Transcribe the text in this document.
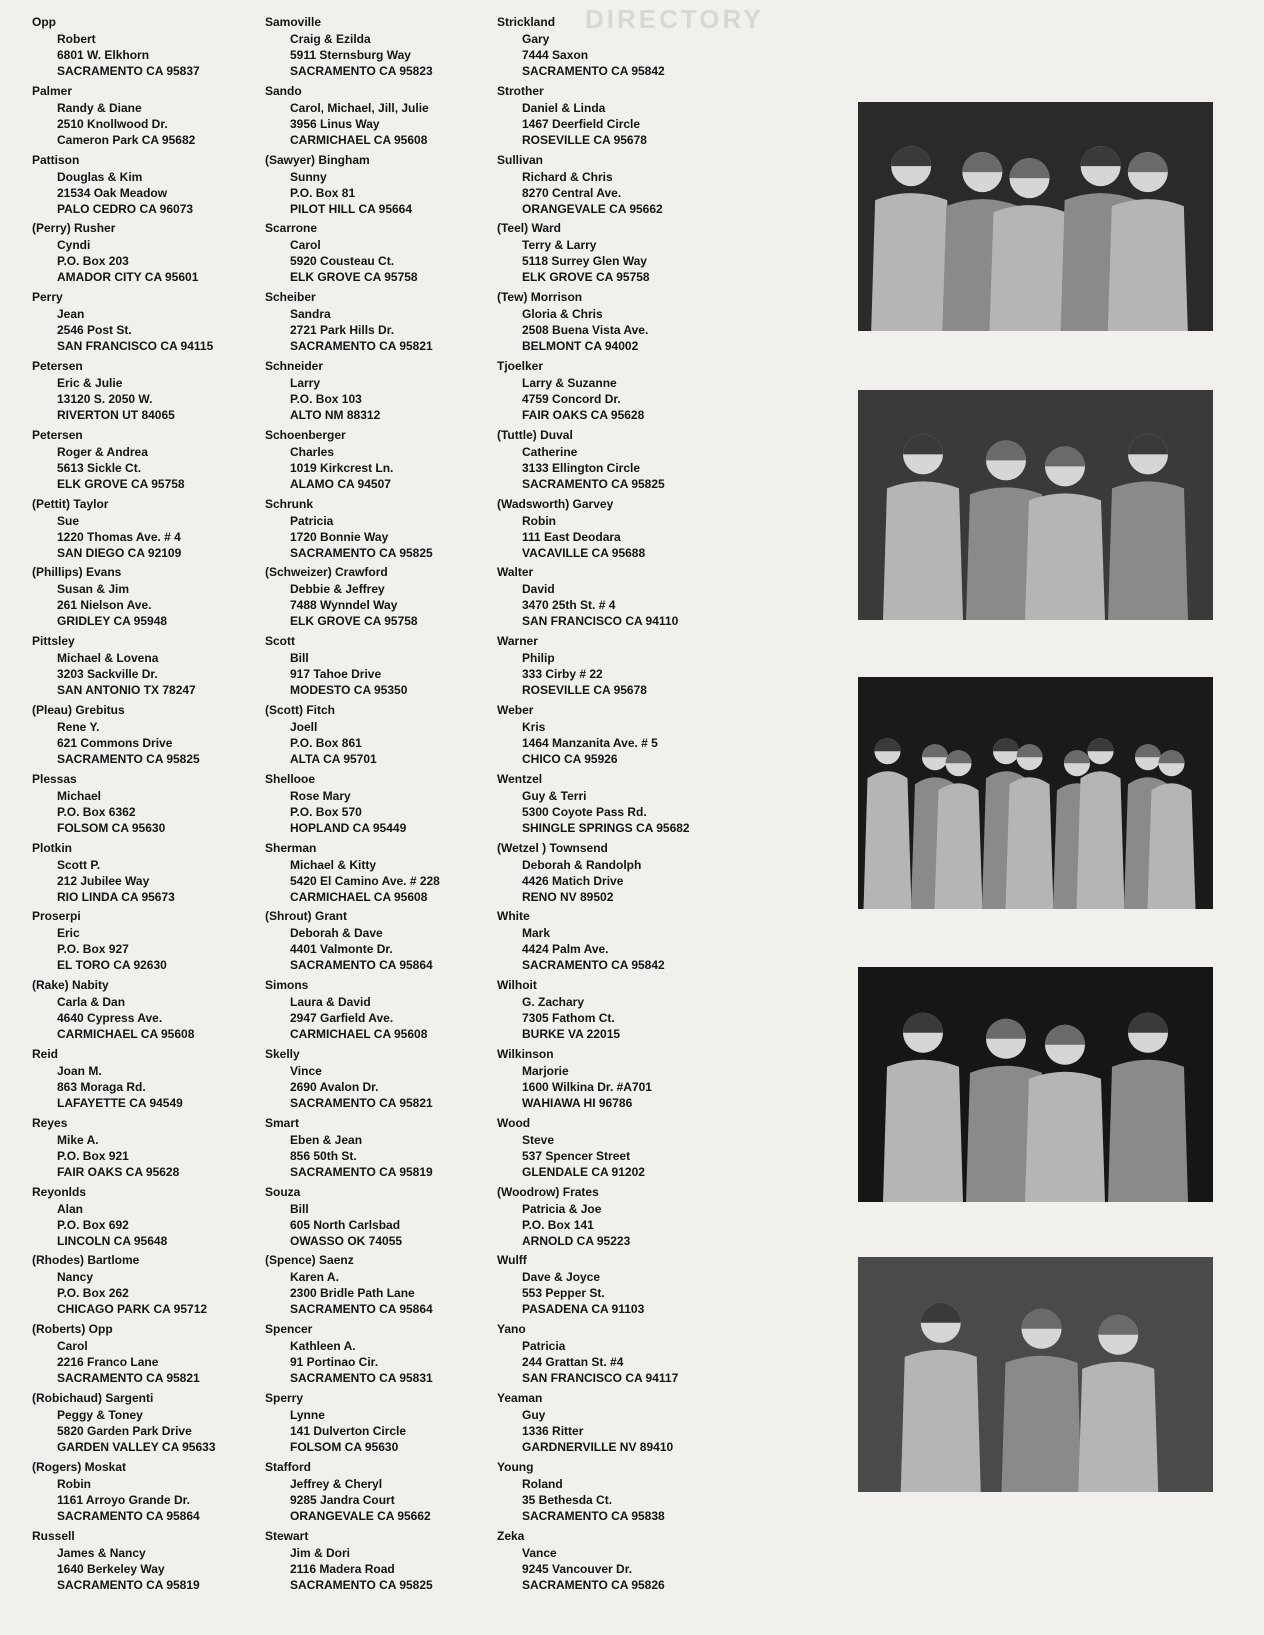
DIRECTORY
Opp
Robert
6801 W. Elkhorn
SACRAMENTO CA 95837
Palmer
Randy & Diane
2510 Knollwood Dr.
Cameron Park CA 95682
Pattison
Douglas & Kim
21534 Oak Meadow
PALO CEDRO CA 96073
(Perry) Rusher
Cyndi
P.O. Box 203
AMADOR CITY CA 95601
Perry
Jean
2546 Post St.
SAN FRANCISCO CA 94115
Petersen
Eric & Julie
13120 S. 2050 W.
RIVERTON UT 84065
Petersen
Roger & Andrea
5613 Sickle Ct.
ELK GROVE CA 95758
(Pettit) Taylor
Sue
1220 Thomas Ave. # 4
SAN DIEGO CA 92109
(Phillips) Evans
Susan & Jim
261 Nielson Ave.
GRIDLEY CA 95948
Pittsley
Michael & Lovena
3203 Sackville Dr.
SAN ANTONIO TX 78247
(Pleau) Grebitus
Rene Y.
621 Commons Drive
SACRAMENTO CA 95825
Plessas
Michael
P.O. Box 6362
FOLSOM CA 95630
Plotkin
Scott P.
212 Jubilee Way
RIO LINDA CA 95673
Proserpi
Eric
P.O. Box 927
EL TORO CA 92630
(Rake) Nabity
Carla & Dan
4640 Cypress Ave.
CARMICHAEL CA 95608
Reid
Joan M.
863 Moraga Rd.
LAFAYETTE CA 94549
Reyes
Mike A.
P.O. Box 921
FAIR OAKS CA 95628
Reyonlds
Alan
P.O. Box 692
LINCOLN CA 95648
(Rhodes) Bartlome
Nancy
P.O. Box 262
CHICAGO PARK CA 95712
(Roberts) Opp
Carol
2216 Franco Lane
SACRAMENTO CA 95821
(Robichaud) Sargenti
Peggy & Toney
5820 Garden Park Drive
GARDEN VALLEY CA 95633
(Rogers) Moskat
Robin
1161 Arroyo Grande Dr.
SACRAMENTO CA 95864
Russell
James & Nancy
1640 Berkeley Way
SACRAMENTO CA 95819
Samoville
Craig & Ezilda
5911 Sternsburg Way
SACRAMENTO CA 95823
Sando
Carol, Michael, Jill, Julie
3956 Linus Way
CARMICHAEL CA 95608
(Sawyer) Bingham
Sunny
P.O. Box 81
PILOT HILL CA 95664
Scarrone
Carol
5920 Cousteau Ct.
ELK GROVE CA 95758
Scheiber
Sandra
2721 Park Hills Dr.
SACRAMENTO CA 95821
Schneider
Larry
P.O. Box 103
ALTO NM 88312
Schoenberger
Charles
1019 Kirkcrest Ln.
ALAMO CA 94507
Schrunk
Patricia
1720 Bonnie Way
SACRAMENTO CA 95825
(Schweizer) Crawford
Debbie & Jeffrey
7488 Wynndel Way
ELK GROVE CA 95758
Scott
Bill
917 Tahoe Drive
MODESTO CA 95350
(Scott) Fitch
Joell
P.O. Box 861
ALTA CA 95701
Shellooe
Rose Mary
P.O. Box 570
HOPLAND CA 95449
Sherman
Michael & Kitty
5420 El Camino Ave. # 228
CARMICHAEL CA 95608
(Shrout) Grant
Deborah & Dave
4401 Valmonte Dr.
SACRAMENTO CA 95864
Simons
Laura & David
2947 Garfield Ave.
CARMICHAEL CA 95608
Skelly
Vince
2690 Avalon Dr.
SACRAMENTO CA 95821
Smart
Eben & Jean
856 50th St.
SACRAMENTO CA 95819
Souza
Bill
605 North Carlsbad
OWASSO OK 74055
(Spence) Saenz
Karen A.
2300 Bridle Path Lane
SACRAMENTO CA 95864
Spencer
Kathleen A.
91 Portinao Cir.
SACRAMENTO CA 95831
Sperry
Lynne
141 Dulverton Circle
FOLSOM CA 95630
Stafford
Jeffrey & Cheryl
9285 Jandra Court
ORANGEVALE CA 95662
Stewart
Jim & Dori
2116 Madera Road
SACRAMENTO CA 95825
Strickland
Gary
7444 Saxon
SACRAMENTO CA 95842
Strother
Daniel & Linda
1467 Deerfield Circle
ROSEVILLE CA 95678
Sullivan
Richard & Chris
8270 Central Ave.
ORANGEVALE CA 95662
(Teel) Ward
Terry & Larry
5118 Surrey Glen Way
ELK GROVE CA 95758
(Tew) Morrison
Gloria & Chris
2508 Buena Vista Ave.
BELMONT CA 94002
Tjoelker
Larry & Suzanne
4759 Concord Dr.
FAIR OAKS CA 95628
(Tuttle) Duval
Catherine
3133 Ellington Circle
SACRAMENTO CA 95825
(Wadsworth) Garvey
Robin
111 East Deodara
VACAVILLE CA 95688
Walter
David
3470 25th St. # 4
SAN FRANCISCO CA 94110
Warner
Philip
333 Cirby # 22
ROSEVILLE CA 95678
Weber
Kris
1464 Manzanita Ave. # 5
CHICO CA 95926
Wentzel
Guy & Terri
5300 Coyote Pass Rd.
SHINGLE SPRINGS CA 95682
(Wetzel ) Townsend
Deborah & Randolph
4426 Matich Drive
RENO NV 89502
White
Mark
4424 Palm Ave.
SACRAMENTO CA 95842
Wilhoit
G. Zachary
7305 Fathom Ct.
BURKE VA 22015
Wilkinson
Marjorie
1600 Wilkina Dr. #A701
WAHIAWA HI 96786
Wood
Steve
537 Spencer Street
GLENDALE CA 91202
(Woodrow) Frates
Patricia & Joe
P.O. Box 141
ARNOLD CA 95223
Wulff
Dave & Joyce
553 Pepper St.
PASADENA CA 91103
Yano
Patricia
244 Grattan St. #4
SAN FRANCISCO CA 94117
Yeaman
Guy
1336 Ritter
GARDNERVILLE NV 89410
Young
Roland
35 Bethesda Ct.
SACRAMENTO CA 95838
Zeka
Vance
9245 Vancouver Dr.
SACRAMENTO CA 95826
